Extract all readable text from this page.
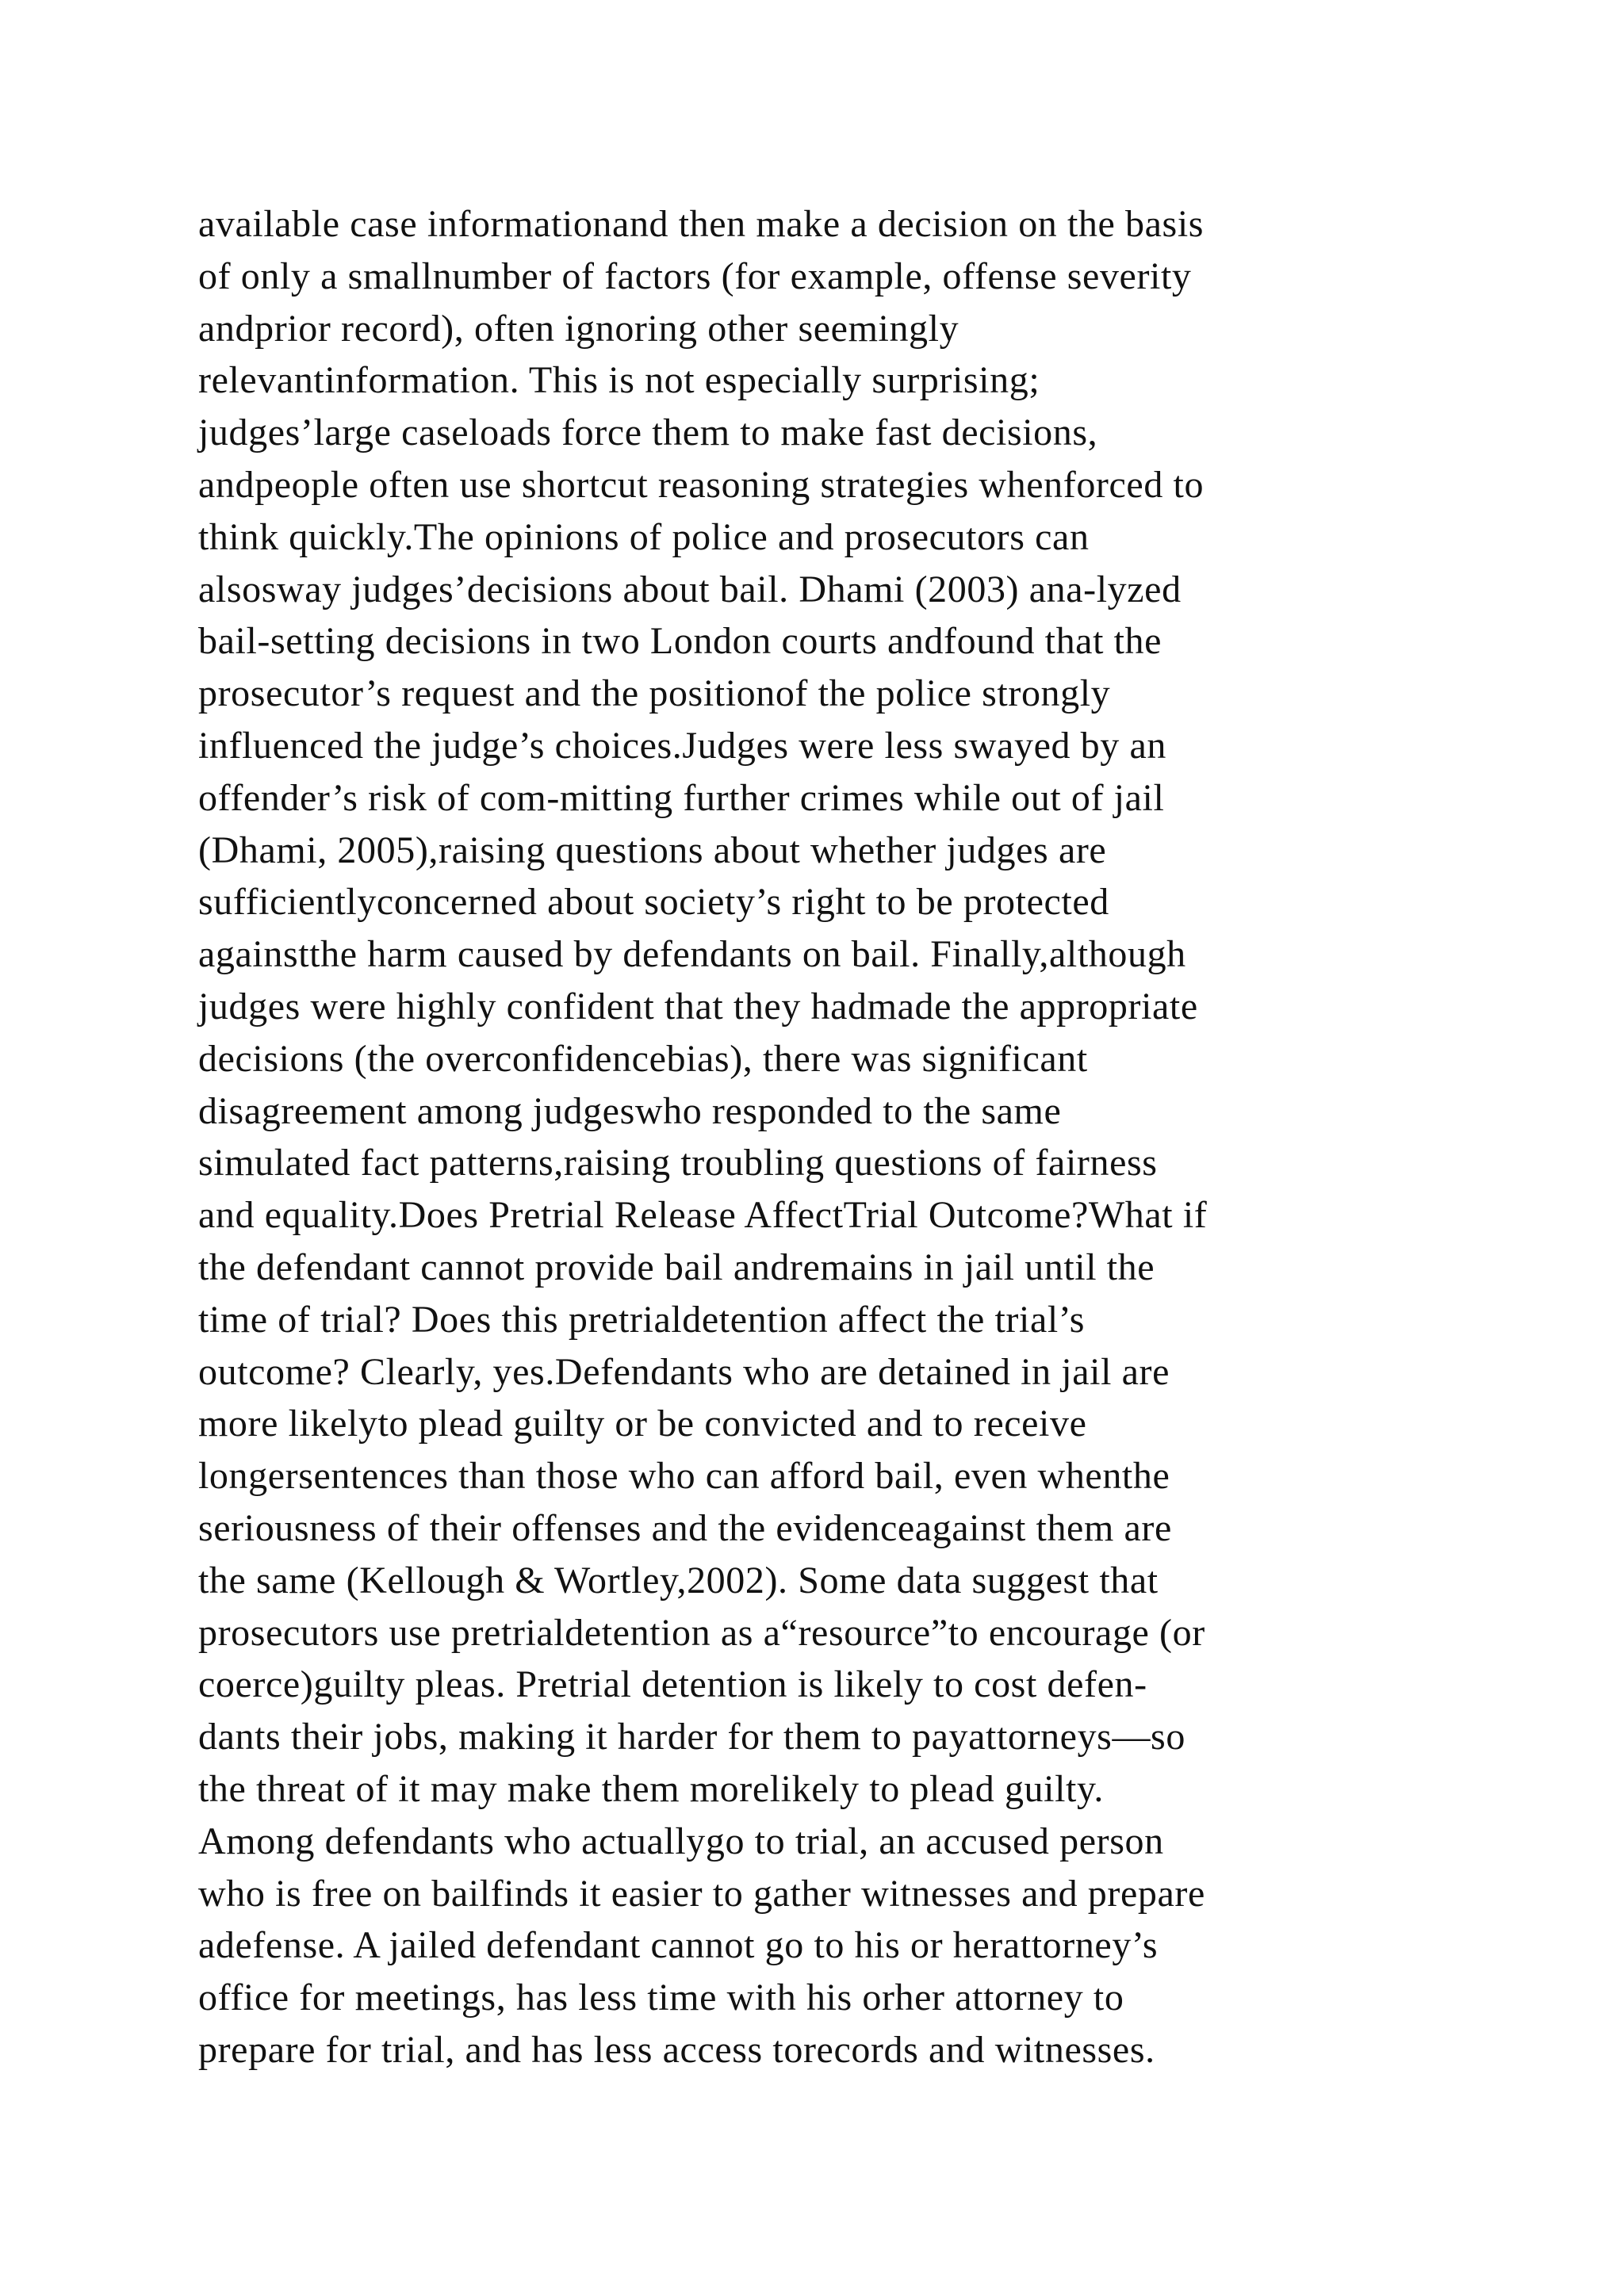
available case informationand then make a decision on the basis
of only a smallnumber of factors (for example, offense severity
andprior record), often ignoring other seemingly
relevantinformation. This is not especially surprising;
judges’large caseloads force them to make fast decisions,
andpeople often use shortcut reasoning strategies whenforced to
think quickly.The opinions of police and prosecutors can
alsosway judges’decisions about bail. Dhami (2003) ana-lyzed
bail-setting decisions in two London courts andfound that the
prosecutor’s request and the positionof the police strongly
influenced the judge’s choices.Judges were less swayed by an
offender’s risk of com-mitting further crimes while out of jail
(Dhami, 2005),raising questions about whether judges are
sufficientlyconcerned about society’s right to be protected
againstthe harm caused by defendants on bail. Finally,although
judges were highly confident that they hadmade the appropriate
decisions (the overconfidencebias), there was significant
disagreement among judgeswho responded to the same
simulated fact patterns,raising troubling questions of fairness
and equality.Does Pretrial Release AffectTrial Outcome?What if
the defendant cannot provide bail andremains in jail until the
time of trial? Does this pretrialdetention affect the trial’s
outcome? Clearly, yes.Defendants who are detained in jail are
more likelyto plead guilty or be convicted and to receive
longersentences than those who can afford bail, even whenthe
seriousness of their offenses and the evidenceagainst them are
the same (Kellough & Wortley,2002). Some data suggest that
prosecutors use pretrialdetention as a“resource”to encourage (or
coerce)guilty pleas. Pretrial detention is likely to cost defen-
dants their jobs, making it harder for them to payattorneys—so
the threat of it may make them morelikely to plead guilty.
Among defendants who actuallygo to trial, an accused person
who is free on bailfinds it easier to gather witnesses and prepare
adefense. A jailed defendant cannot go to his or herattorney’s
office for meetings, has less time with his orher attorney to
prepare for trial, and has less access torecords and witnesses.
